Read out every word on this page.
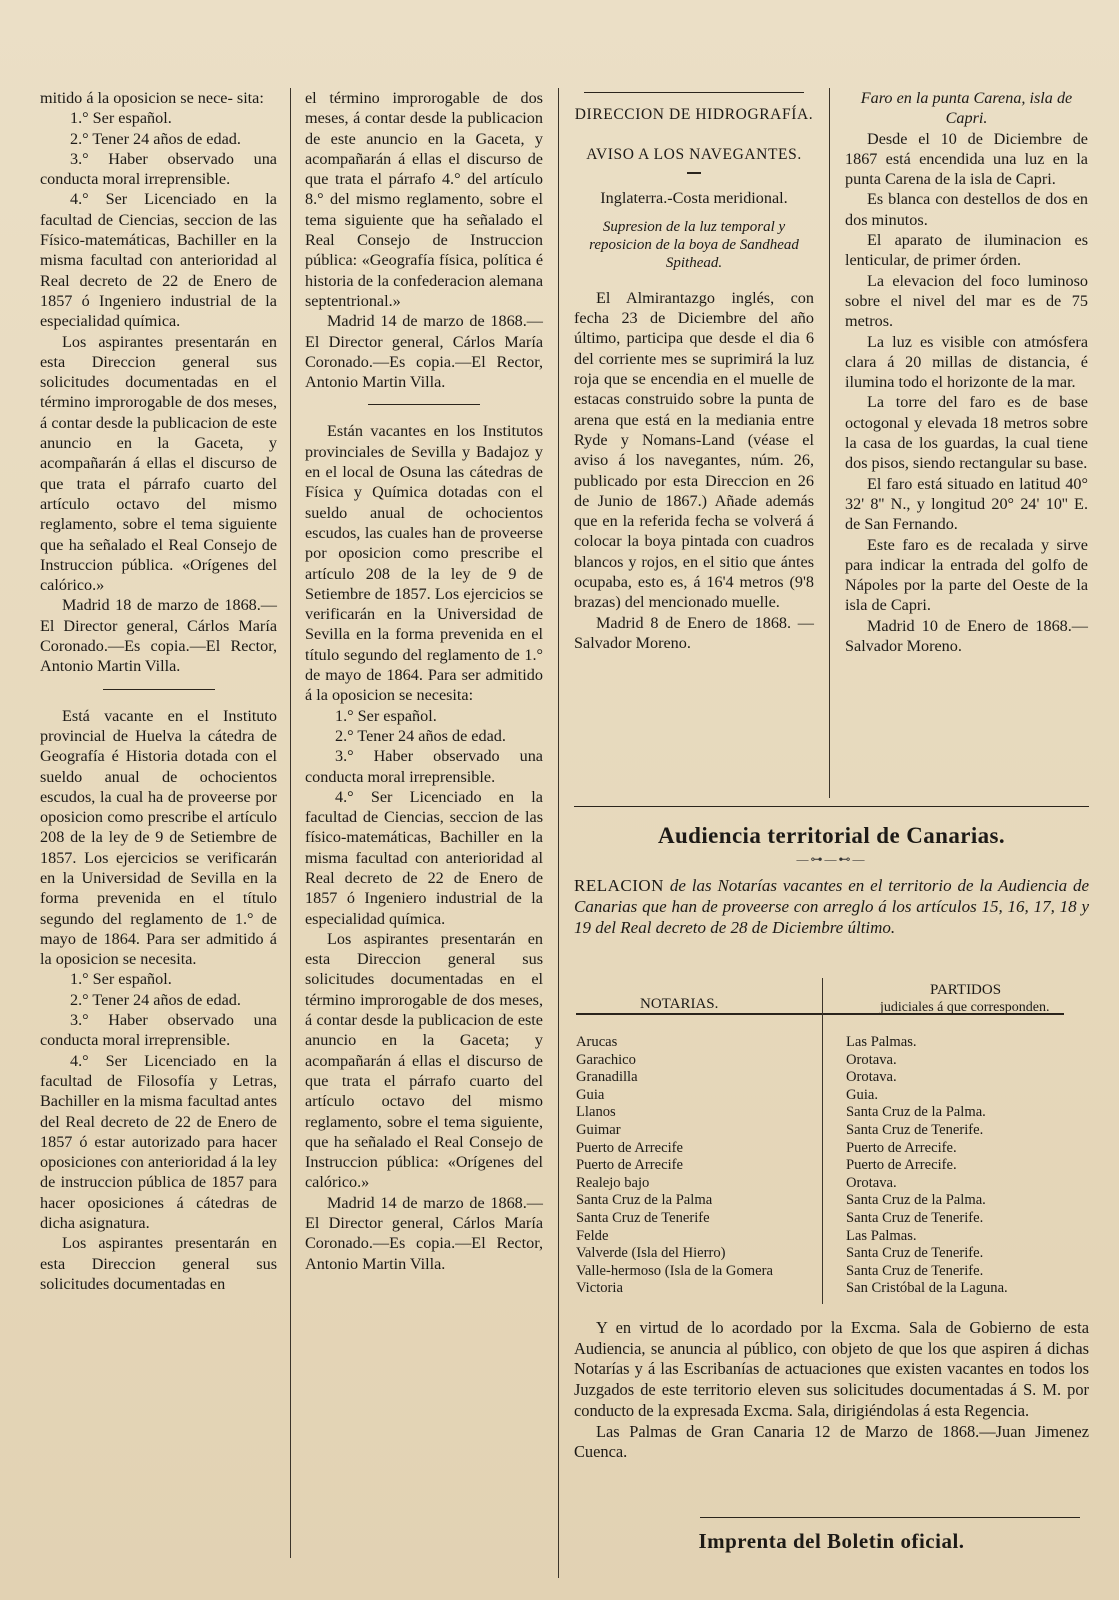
mitido á la oposicion se nece- sita:

1.° Ser español.

2.° Tener 24 años de edad.

3.° Haber observado una conducta moral irreprensible.

4.° Ser Licenciado en la facultad de Ciencias, seccion de las Físico-matemáticas, Bachiller en la misma facultad con anterioridad al Real decreto de 22 de Enero de 1857 ó Ingeniero industrial de la especialidad química.

Los aspirantes presentarán en esta Direccion general sus solicitudes documentadas en el término improrogable de dos meses, á contar desde la publicacion de este anuncio en la Gaceta, y acompañarán á ellas el discurso de que trata el párrafo cuarto del artículo octavo del mismo reglamento, sobre el tema siguiente que ha señalado el Real Consejo de Instruccion pública. «Orígenes del calórico.»

Madrid 18 de marzo de 1868.—El Director general, Cárlos María Coronado.—Es copia.—El Rector, Antonio Martin Villa.

Está vacante en el Instituto provincial de Huelva la cátedra de Geografía é Historia dotada con el sueldo anual de ochocientos escudos, la cual ha de proveerse por oposicion como prescribe el artículo 208 de la ley de 9 de Setiembre de 1857. Los ejercicios se verificarán en la Universidad de Sevilla en la forma prevenida en el título segundo del reglamento de 1.° de mayo de 1864. Para ser admitido á la oposicion se necesita.

1.° Ser español.

2.° Tener 24 años de edad.

3.° Haber observado una conducta moral irreprensible.

4.° Ser Licenciado en la facultad de Filosofía y Letras, Bachiller en la misma facultad antes del Real decreto de 22 de Enero de 1857 ó estar autorizado para hacer oposiciones con anterioridad á la ley de instruccion pública de 1857 para hacer oposiciones á cátedras de dicha asignatura.

Los aspirantes presentarán en esta Direccion general sus solicitudes documentadas en

el término improrogable de dos meses, á contar desde la publicacion de este anuncio en la Gaceta, y acompañarán á ellas el discurso de que trata el párrafo 4.° del artículo 8.° del mismo reglamento, sobre el tema siguiente que ha señalado el Real Consejo de Instruccion pública: «Geografía física, política é historia de la confederacion alemana septentrional.»

Madrid 14 de marzo de 1868.—El Director general, Cárlos María Coronado.—Es copia.—El Rector, Antonio Martin Villa.

Están vacantes en los Institutos provinciales de Sevilla y Badajoz y en el local de Osuna las cátedras de Física y Química dotadas con el sueldo anual de ochocientos escudos, las cuales han de proveerse por oposicion como prescribe el artículo 208 de la ley de 9 de Setiembre de 1857. Los ejercicios se verificarán en la Universidad de Sevilla en la forma prevenida en el título segundo del reglamento de 1.° de mayo de 1864. Para ser admitido á la oposicion se necesita:

1.° Ser español.

2.° Tener 24 años de edad.

3.° Haber observado una conducta moral irreprensible.

4.° Ser Licenciado en la facultad de Ciencias, seccion de las físico-matemáticas, Bachiller en la misma facultad con anterioridad al Real decreto de 22 de Enero de 1857 ó Ingeniero industrial de la especialidad química.

Los aspirantes presentarán en esta Direccion general sus solicitudes documentadas en el término improrogable de dos meses, á contar desde la publicacion de este anuncio en la Gaceta; y acompañarán á ellas el discurso de que trata el párrafo cuarto del artículo octavo del mismo reglamento, sobre el tema siguiente, que ha señalado el Real Consejo de Instruccion pública: «Orígenes del calórico.»

Madrid 14 de marzo de 1868.—El Director general, Cárlos María Coronado.—Es copia.—El Rector, Antonio Martin Villa.

DIRECCION DE HIDROGRAFÍA.

AVISO A LOS NAVEGANTES.

Inglaterra.-Costa meridional.

Supresion de la luz temporal y reposicion de la boya de Sandhead Spithead.

El Almirantazgo inglés, con fecha 23 de Diciembre del año último, participa que desde el dia 6 del corriente mes se suprimirá la luz roja que se encendia en el muelle de estacas construido sobre la punta de arena que está en la mediania entre Ryde y Nomans-Land (véase el aviso á los navegantes, núm. 26, publicado por esta Direccion en 26 de Junio de 1867.) Añade además que en la referida fecha se volverá á colocar la boya pintada con cuadros blancos y rojos, en el sitio que ántes ocupaba, esto es, á 16'4 metros (9'8 brazas) del mencionado muelle.

Madrid 8 de Enero de 1868. —Salvador Moreno.

Faro en la punta Carena, isla de Capri.

Desde el 10 de Diciembre de 1867 está encendida una luz en la punta Carena de la isla de Capri.

Es blanca con destellos de dos en dos minutos.

El aparato de iluminacion es lenticular, de primer órden.

La elevacion del foco luminoso sobre el nivel del mar es de 75 metros.

La luz es visible con atmósfera clara á 20 millas de distancia, é ilumina todo el horizonte de la mar.

La torre del faro es de base octogonal y elevada 18 metros sobre la casa de los guardas, la cual tiene dos pisos, siendo rectangular su base.

El faro está situado en latitud 40° 32' 8'' N., y longitud 20° 24' 10'' E. de San Fernando.

Este faro es de recalada y sirve para indicar la entrada del golfo de Nápoles por la parte del Oeste de la isla de Capri.

Madrid 10 de Enero de 1868.—Salvador Moreno.

Audiencia territorial de Canarias.
—⊶—⊷—
RELACION de las Notarías vacantes en el territorio de la Audiencia de Canarias que han de proveerse con arreglo á los artículos 15, 16, 17, 18 y 19 del Real decreto de 28 de Diciembre último.
NOTARIAS.
PARTIDOS
judiciales á que corresponden.
Arucas
Garachico
Granadilla
Guia
Llanos
Guimar
Puerto de Arrecife
Puerto de Arrecife
Realejo bajo
Santa Cruz de la Palma
Santa Cruz de Tenerife
Felde
Valverde (Isla del Hierro)
Valle-hermoso (Isla de la Gomera
Victoria
Las Palmas.
Orotava.
Orotava.
Guia.
Santa Cruz de la Palma.
Santa Cruz de Tenerife.
Puerto de Arrecife.
Puerto de Arrecife.
Orotava.
Santa Cruz de la Palma.
Santa Cruz de Tenerife.
Las Palmas.
Santa Cruz de Tenerife.
Santa Cruz de Tenerife.
San Cristóbal de la Laguna.

Y en virtud de lo acordado por la Excma. Sala de Gobierno de esta Audiencia, se anuncia al público, con objeto de que los que aspiren á dichas Notarías y á las Escribanías de actuaciones que existen vacantes en todos los Juzgados de este territorio eleven sus solicitudes documentadas á S. M. por conducto de la expresada Excma. Sala, dirigiéndolas á esta Regencia.

Las Palmas de Gran Canaria 12 de Marzo de 1868.—Juan Jimenez Cuenca.

Imprenta del Boletin oficial.
